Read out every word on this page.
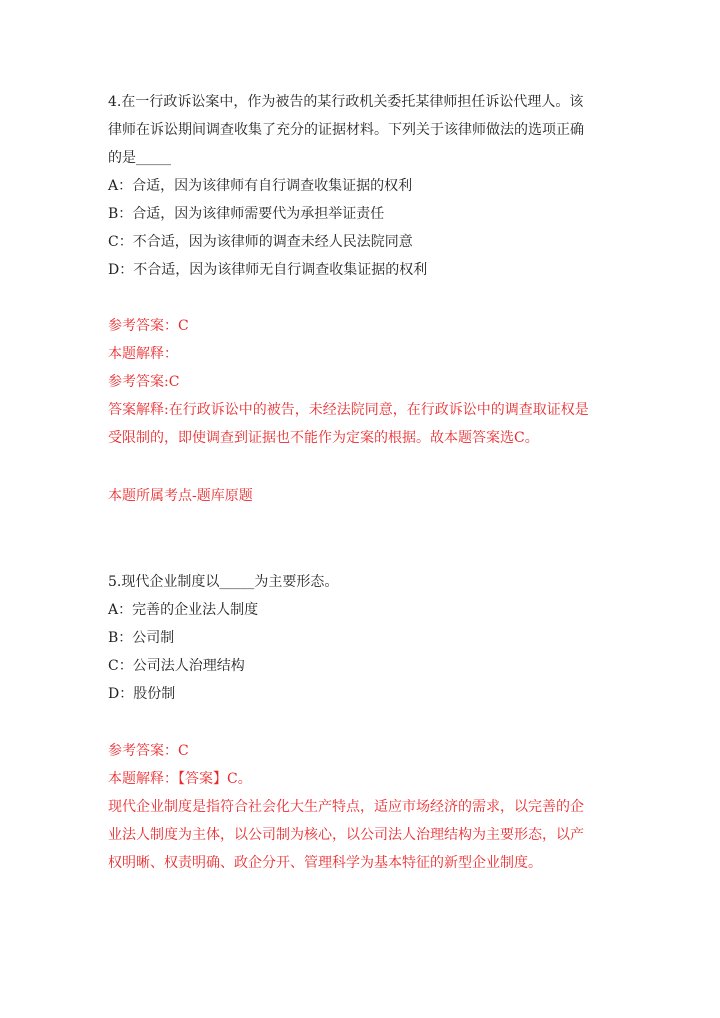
4.在一行政诉讼案中，作为被告的某行政机关委托某律师担任诉讼代理人。该
律师在诉讼期间调查收集了充分的证据材料。下列关于该律师做法的选项正确
的是_____
A：合适，因为该律师有自行调查收集证据的权利
B：合适，因为该律师需要代为承担举证责任
C：不合适，因为该律师的调查未经人民法院同意
D：不合适，因为该律师无自行调查收集证据的权利
参考答案：C
本题解释：
参考答案:C
答案解释:在行政诉讼中的被告，未经法院同意，在行政诉讼中的调查取证权是
受限制的，即使调查到证据也不能作为定案的根据。故本题答案选C。
本题所属考点-题库原题
5.现代企业制度以_____为主要形态。
A：完善的企业法人制度
B：公司制
C：公司法人治理结构
D：股份制
参考答案：C
本题解释：【答案】C。
现代企业制度是指符合社会化大生产特点，适应市场经济的需求，以完善的企
业法人制度为主体，以公司制为核心，以公司法人治理结构为主要形态，以产
权明晰、权责明确、政企分开、管理科学为基本特征的新型企业制度。
